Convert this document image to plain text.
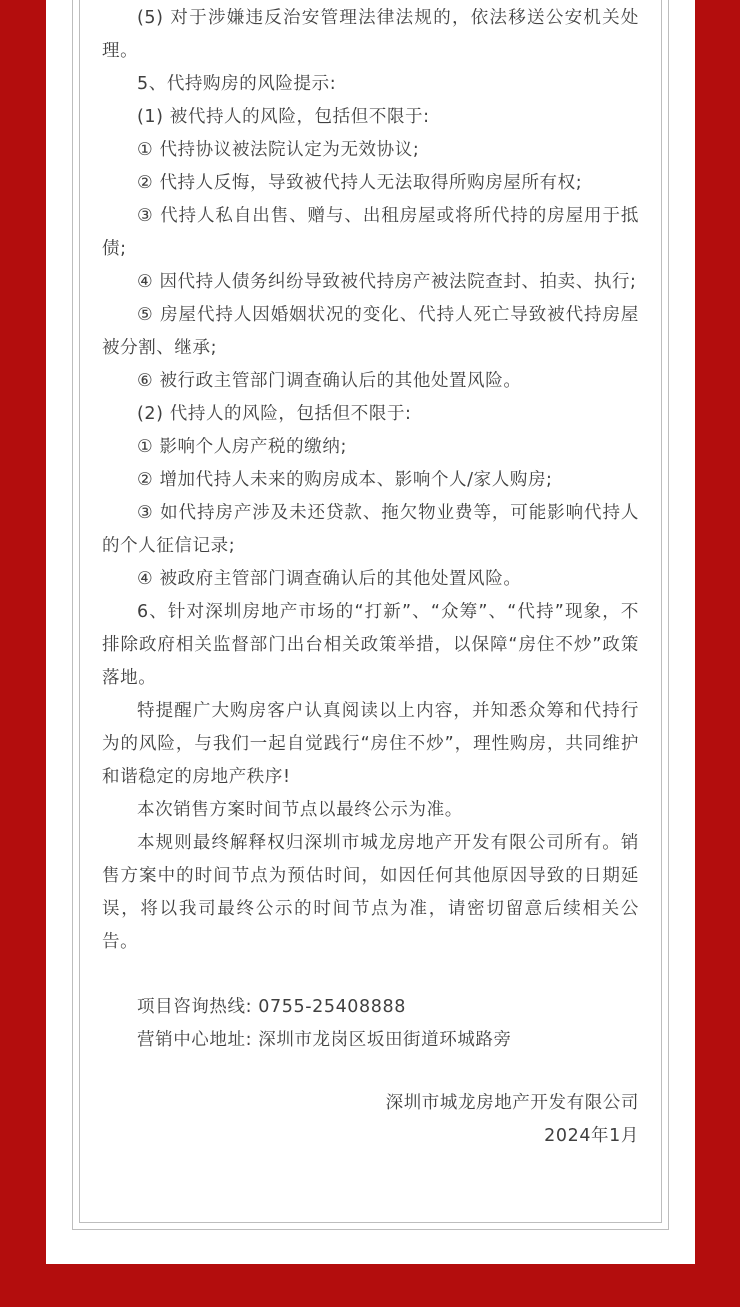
(5) 对于涉嫌违反治安管理法律法规的，依法移送公安机关处理。

5、代持购房的风险提示:

(1) 被代持人的风险，包括但不限于:

① 代持协议被法院认定为无效协议;

② 代持人反悔，导致被代持人无法取得所购房屋所有权;

③ 代持人私自出售、赠与、出租房屋或将所代持的房屋用于抵债;

④ 因代持人债务纠纷导致被代持房产被法院查封、拍卖、执行;

⑤ 房屋代持人因婚姻状况的变化、代持人死亡导致被代持房屋被分割、继承;

⑥ 被行政主管部门调查确认后的其他处置风险。

(2) 代持人的风险，包括但不限于:

① 影响个人房产税的缴纳;

② 增加代持人未来的购房成本、影响个人/家人购房;

③ 如代持房产涉及未还贷款、拖欠物业费等，可能影响代持人的个人征信记录;

④ 被政府主管部门调查确认后的其他处置风险。

6、针对深圳房地产市场的“打新”、“众筹”、“代持”现象，不排除政府相关监督部门出台相关政策举措，以保障“房住不炒”政策落地。

特提醒广大购房客户认真阅读以上内容，并知悉众筹和代持行为的风险，与我们一起自觉践行“房住不炒”，理性购房，共同维护和谐稳定的房地产秩序!

本次销售方案时间节点以最终公示为准。

本规则最终解释权归深圳市城龙房地产开发有限公司所有。销售方案中的时间节点为预估时间，如因任何其他原因导致的日期延误，将以我司最终公示的时间节点为准，请密切留意后续相关公告。

项目咨询热线: 0755-25408888

营销中心地址: 深圳市龙岗区坂田街道环城路旁

深圳市城龙房地产开发有限公司

2024年1月
